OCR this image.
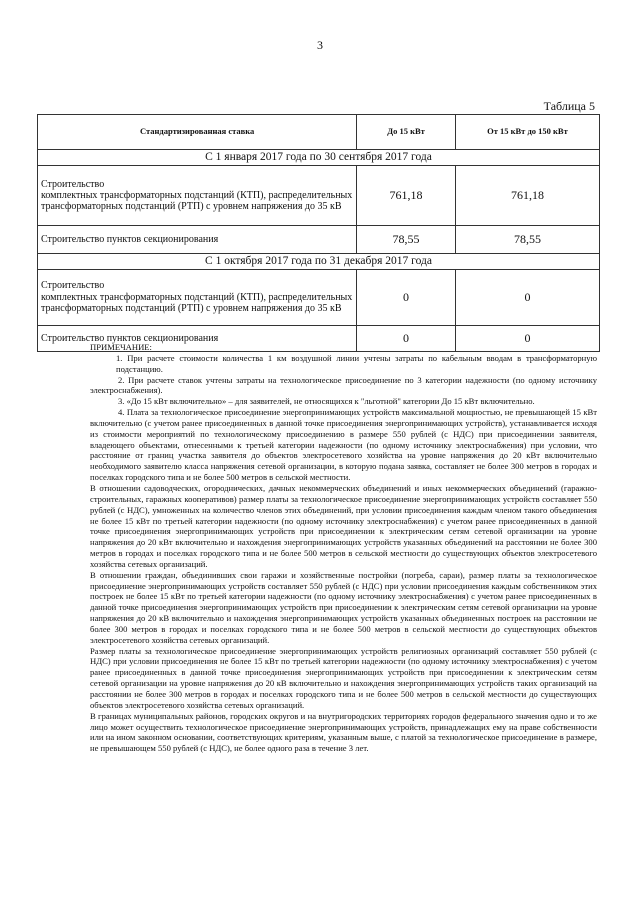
3
Таблица 5
Стандартизированная ставка	До 15 кВт	От 15 кВт до 150 кВт
С 1 января 2017 года по 30 сентября 2017 года		

Строительство
комплектных трансформаторных подстанций (КТП), распределительных трансформаторных подстанций (РТП) с уровнем напряжения до 35 кВ	761,18	761,18
Строительство пунктов секционирования	78,55	78,55
С 1 октября 2017 года по 31 декабря 2017 года		

Строительство
комплектных трансформаторных подстанций (КТП), распределительных трансформаторных подстанций (РТП) с уровнем напряжения до 35 кВ	0	0
Строительство пунктов секционирования	0	0

ПРИМЕЧАНИЕ:

1. При расчете стоимости количества 1 км воздушной линии учтены затраты по кабельным вводам в трансформаторную подстанцию.

2. При расчете ставок учтены затраты на технологическое присоединение по 3 категории надежности (по одному источнику электроснабжения).

3. «До 15 кВт включительно» – для заявителей, не относящихся к "льготной" категории До 15 кВт включительно.

4. Плата за технологическое присоединение энергопринимающих устройств максимальной мощностью, не превышающей 15 кВт включительно (с учетом ранее присоединенных в данной точке присоединения энергопринимающих устройств), устанавливается исходя из стоимости мероприятий по технологическому присоединению в размере 550 рублей (с НДС) при присоединении заявителя, владеющего объектами, отнесенными к третьей категории надежности (по одному источнику электроснабжения) при условии, что расстояние от границ участка заявителя до объектов электросетевого хозяйства на уровне напряжения до 20 кВт включительно необходимого заявителю класса напряжения сетевой организации, в которую подана заявка, составляет не более 300 метров в городах и поселках городского типа и не более 500 метров в сельской местности.

В отношении садоводческих, огороднических, дачных некоммерческих объединений и иных некоммерческих объединений (гаражно-строительных, гаражных кооперативов) размер платы за технологическое присоединение энергопринимающих устройств составляет 550 рублей (с НДС), умноженных на количество членов этих объединений, при условии присоединения каждым членом такого объединения не более 15 кВт по третьей категории надежности (по одному источнику электроснабжения) с учетом ранее присоединенных в данной точке присоединения энергопринимающих устройств при присоединении к электрическим сетям сетевой организации на уровне напряжения до 20 кВт включительно и нахождения энергопринимающих устройств указанных объединений на расстоянии не более 300 метров в городах и поселках городского типа и не более 500 метров в сельской местности до существующих объектов электросетевого хозяйства сетевых организаций.

В отношении граждан, объединивших свои гаражи и хозяйственные постройки (погреба, сараи), размер платы за технологическое присоединение энергопринимающих устройств составляет 550 рублей (с НДС) при условии присоединения каждым собственником этих построек не более 15 кВт по третьей категории надежности (по одному источнику электроснабжения) с учетом ранее присоединенных в данной точке присоединения энергопринимающих устройств при присоединении к электрическим сетям сетевой организации на уровне напряжения до 20 кВ включительно и нахождения энергопринимающих устройств указанных объединенных построек на расстоянии не более 300 метров в городах и поселках городского типа и не более 500 метров в сельской местности до существующих объектов электросетевого хозяйства сетевых организаций.

Размер платы за технологическое присоединение энергопринимающих устройств религиозных организаций составляет 550 рублей (с НДС) при условии присоединения не более 15 кВт по третьей категории надежности (по одному источнику электроснабжения) с учетом ранее присоединенных в данной точке присоединения энергопринимающих устройств при присоединении к электрическим сетям сетевой организации на уровне напряжения до 20 кВ включительно и нахождения энергопринимающих устройств таких организаций на расстоянии не более 300 метров в городах и поселках городского типа и не более 500 метров в сельской местности до существующих объектов электросетевого хозяйства сетевых организаций.

В границах муниципальных районов, городских округов и на внутригородских территориях городов федерального значения одно и то же лицо может осуществить технологическое присоединение энергопринимающих устройств, принадлежащих ему на праве собственности или на ином законном основании, соответствующих критериям, указанным выше, с платой за технологическое присоединение в размере, не превышающем 550 рублей (с НДС), не более одного раза в течение 3 лет.
